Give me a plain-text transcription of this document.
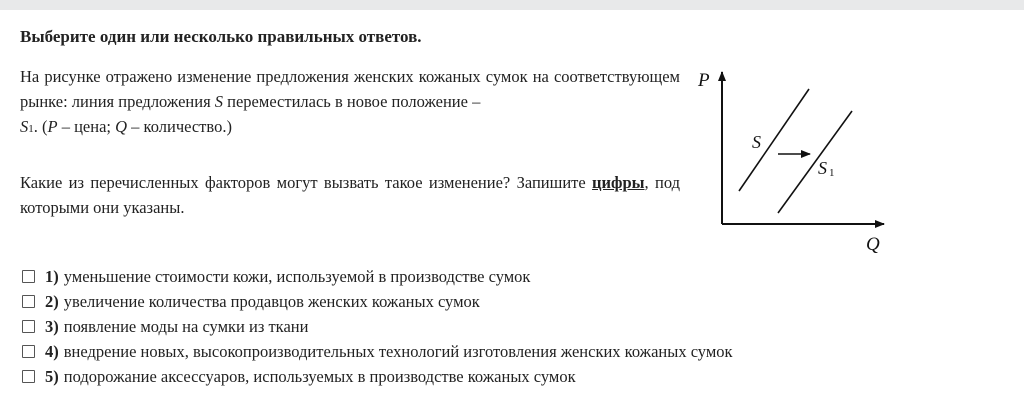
Выберите один или несколько правильных ответов.

На рисунке отражено изменение предложения женских кожаных сумок на соответствующем рынке: линия предложения S переместилась в новое положение –
S1. (P – цена; Q – количество.)

Какие из перечисленных факторов могут вызвать такое изменение? Запишите цифры, под которыми они указаны.

P
Q
S
S 1
1) уменьшение стоимости кожи, используемой в производстве сумок
2) увеличение количества продавцов женских кожаных сумок
3) появление моды на сумки из ткани
4) внедрение новых, высокопроизводительных технологий изготовления женских кожаных сумок
5) подорожание аксессуаров, используемых в производстве кожаных сумок
